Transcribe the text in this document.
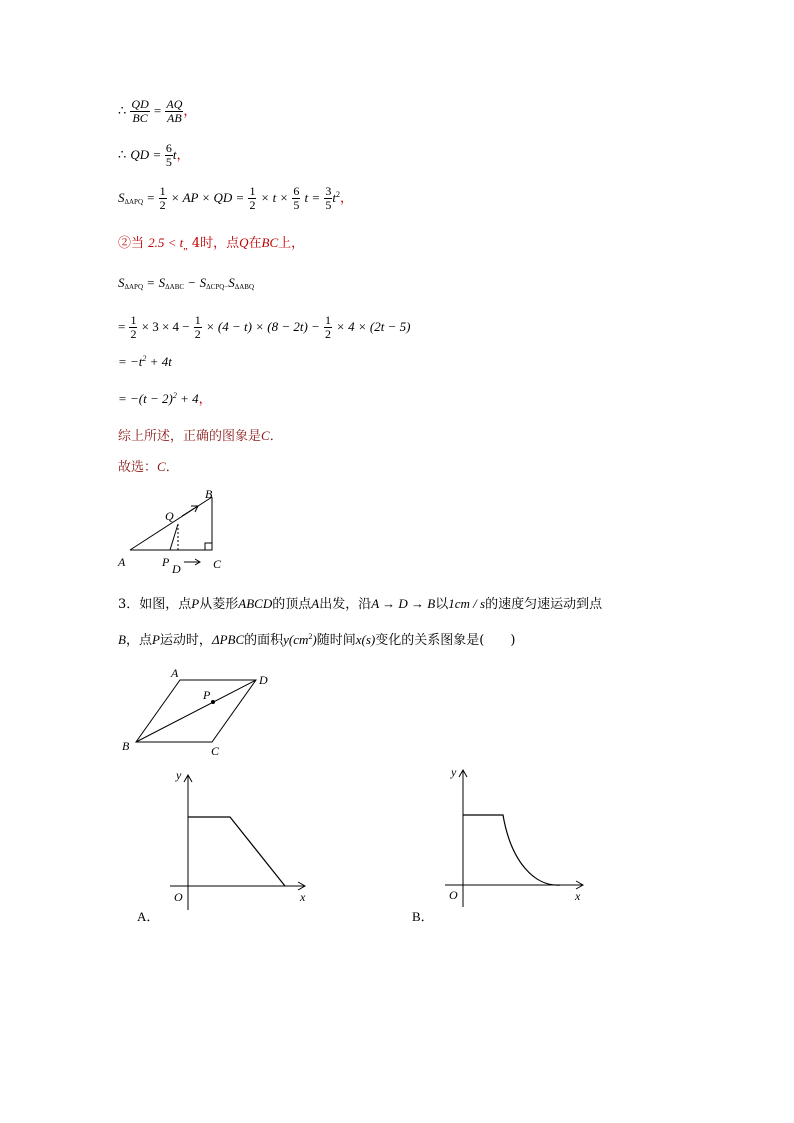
∴ $\frac{QD}{BC} = \frac{AQ}{AB}$ ，
∴ QD = $\frac{6}{5}$ t，
$S_{\Delta APQ} = \frac{1}{2}$ × AP × QD = $\frac{1}{2} \times t \times \frac{6}{5}$ $t = \frac{3}{5} t^2$，
②当 $2.5 < t_„$ 4时，点Q在BC上，
$S_{\Delta APQ} = S_{\Delta ABC} - S_{\Delta CPQ-}S_{\Delta ABQ}$
= $\frac{1}{2} \times 3 \times 4 - \frac{1}{2} \times (4 - t) \times (8 - 2t) - \frac{1}{2} \times 4 \times (2t - 5)$
= $-t^2 + 4t$
= $-(t - 2)^2 + 4$，
综上所述，正确的图象是C．
故选：C．
A
B
C
Q
P D
3．如图，点P从菱形ABCD的顶点A出发，沿A → D → B以1cm / s的速度匀速运动到点
B，点P运动时，ΔPBC的面积$y(cm^2)$随时间x(s)变化的关系图象是(　　)
A	D
B	C
P
y
x
O
A．
y
x
O
B．
